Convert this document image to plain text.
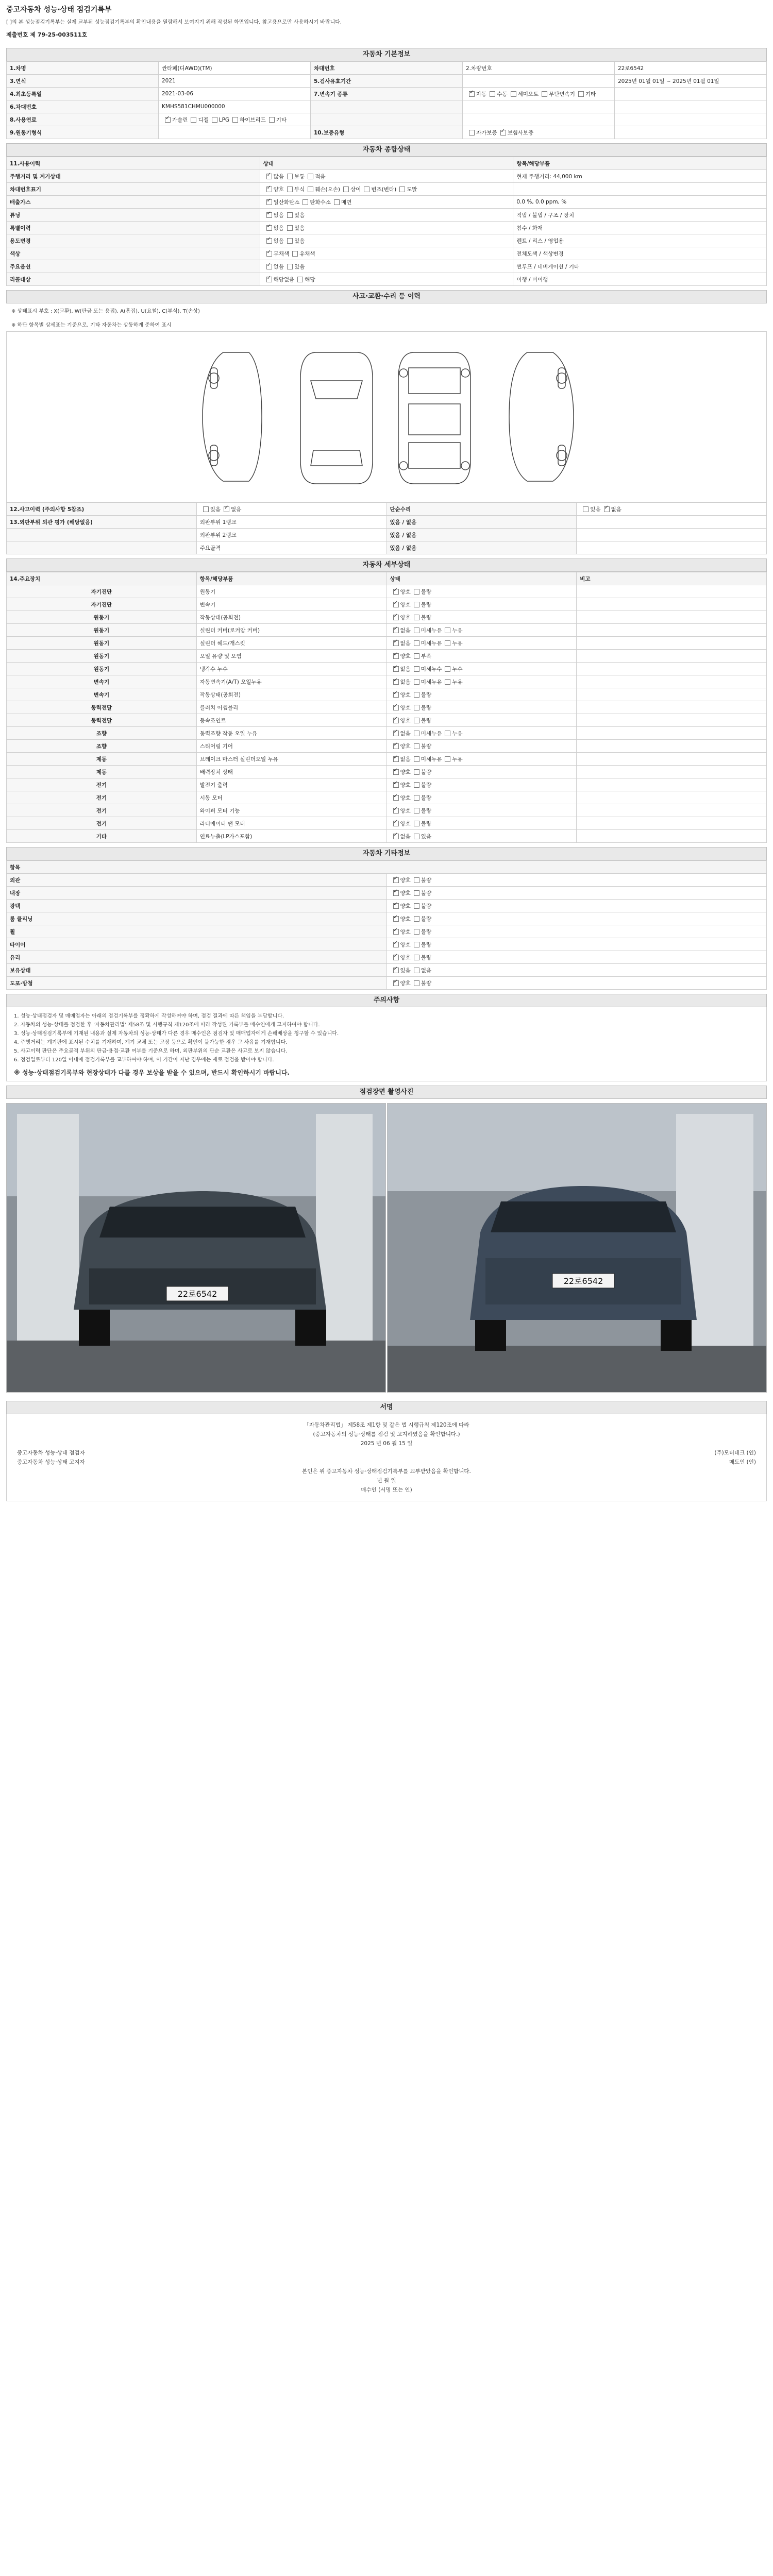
중고자동차 성능·상태 점검기록부
[ ]의 본 성능점검기록부는 실제 교부된 성능점검기록부의 확인내용을 열람해서 보여지기 위해 작성된 화면입니다. 참고용으로만 사용하시기 바랍니다.
제출번호 제 79-25-003511호
자동차 기본정보
1.차명	싼타페(디AWD)(TM)	차대번호	2.차량번호	22로6542
3.연식	2021	5.검사유효기간		2025년 01월 01일 ~ 2025년 01월 01일
4.최초등록일	2021-03-06	7.변속기 종류	✓자동 수동 세미오토 무단변속기 기타	
6.차대번호	KMHS581CHMU000000			
8.사용연료	✓가솔린 디젤 LPG 하이브리드 기타			
9.원동기형식		10.보증유형	자가보증 ✓ 보험사보증	
자동차 종합상태
11.사용이력	상태	항목/해당부품
주행거리 및 계기상태	✓많음 보통 적음	현재 주행거리: 44,000 km
차대번호표기	✓양호 부식 훼손(오손) 상이 변조(변타) 도말	
배출가스	✓일산화탄소 탄화수소 매연	0.0 %, 0.0 ppm, %
튜닝	✓없음 있음	적법 / 불법 / 구조 / 장치
특별이력	✓없음 있음	침수 / 화재
용도변경	✓없음 있음	렌트 / 리스 / 영업용
색상	✓무채색 유채색	전체도색 / 색상변경
주요옵션	✓없음 있음	썬루프 / 네비게이션 / 기타
리콜대상	✓해당없음 해당	이행 / 미이행
사고·교환·수리 등 이력
※ 상태표시 부호 : X(교환), W(판금 또는 용접), A(흠집), U(요철), C(부식), T(손상)
※ 하단 항목별 상세표는 기준으로, 기타 자동차는 상동하게 준하여 표시
12.사고이력 (주의사항 5참조)	있음 ✓ 없음	단순수리	있음 ✓ 없음
13.외판부위 외관 평가 (해당없음)	외판부위 1랭크	있음 / 없음	
	외판부위 2랭크	있음 / 없음	
	주요골격	있음 / 없음	
자동차 세부상태
14.주요장치	항목/해당부품	상태	비고
자기진단	원동기	✓양호 불량	
자기진단	변속기	✓양호 불량	
원동기	작동상태(공회전)	✓양호 불량	
원동기	실린더 커버(로커암 커버)	✓없음 미세누유 누유	
원동기	실린더 헤드/개스킷	✓없음 미세누유 누유	
원동기	오일 유량 및 오염	✓양호 부족	
원동기	냉각수 누수	✓없음 미세누수 누수	
변속기	자동변속기(A/T) 오일누유	✓없음 미세누유 누유	
변속기	작동상태(공회전)	✓양호 불량	
동력전달	클러치 어셈블리	✓양호 불량	
동력전달	등속조인트	✓양호 불량	
조향	동력조향 작동 오일 누유	✓없음 미세누유 누유	
조향	스티어링 기어	✓양호 불량	
제동	브레이크 마스터 실린더오일 누유	✓없음 미세누유 누유	
제동	배력장치 상태	✓양호 불량	
전기	발전기 출력	✓양호 불량	
전기	시동 모터	✓양호 불량	
전기	와이퍼 모터 기능	✓양호 불량	
전기	라디에이터 팬 모터	✓양호 불량	
기타	연료누출(LP가스포함)	✓없음 있음	
자동차 기타정보
항목	
외관	✓양호 불량
내장	✓양호 불량
광택	✓양호 불량
룸 클리닝	✓양호 불량
휠	✓양호 불량
타이어	✓양호 불량
유리	✓양호 불량
보유상태	✓있음 없음
도포·방청	✓양호 불량
주의사항

1. 성능·상태점검자 및 매매업자는 아래의 점검기록부를 정확하게 작성하여야 하며, 점검 결과에 따른 책임을 부담합니다.

2. 자동차의 성능·상태를 점검한 후 '자동차관리법' 제58조 및 시행규칙 제120조에 따라 작성된 기록부를 매수인에게 고지하여야 합니다.

3. 성능·상태점검기록부에 기재된 내용과 실제 자동차의 성능·상태가 다른 경우 매수인은 점검자 및 매매업자에게 손해배상을 청구할 수 있습니다.

4. 주행거리는 계기판에 표시된 수치를 기재하며, 계기 교체 또는 고장 등으로 확인이 불가능한 경우 그 사유를 기재합니다.

5. 사고이력 판단은 주요골격 부위의 판금·용접·교환 여부를 기준으로 하며, 외판부위의 단순 교환은 사고로 보지 않습니다.

6. 점검일로부터 120일 이내에 점검기록부를 교부하여야 하며, 이 기간이 지난 경우에는 새로 점검을 받아야 합니다.

※ 성능·상태점검기록부와 현장상태가 다를 경우 보상을 받을 수 있으며, 반드시 확인하시기 바랍니다.
점검장면 촬영사진
22로6542
22로6542
서명
「자동차관리법」 제58조 제1항 및 같은 법 시행규칙 제120조에 따라
(중고자동차의 성능·상태를 점검 및 고지하였음을 확인합니다.)
2025 년 06 월 15 일
중고자동차 성능·상태 점검자	(주)모터테크 (인)
중고자동차 성능·상태 고지자	매도인 (인)
본인은 위 중고자동차 성능·상태점검기록부를 교부받았음을 확인합니다.
년 월 일
매수인 (서명 또는 인)
